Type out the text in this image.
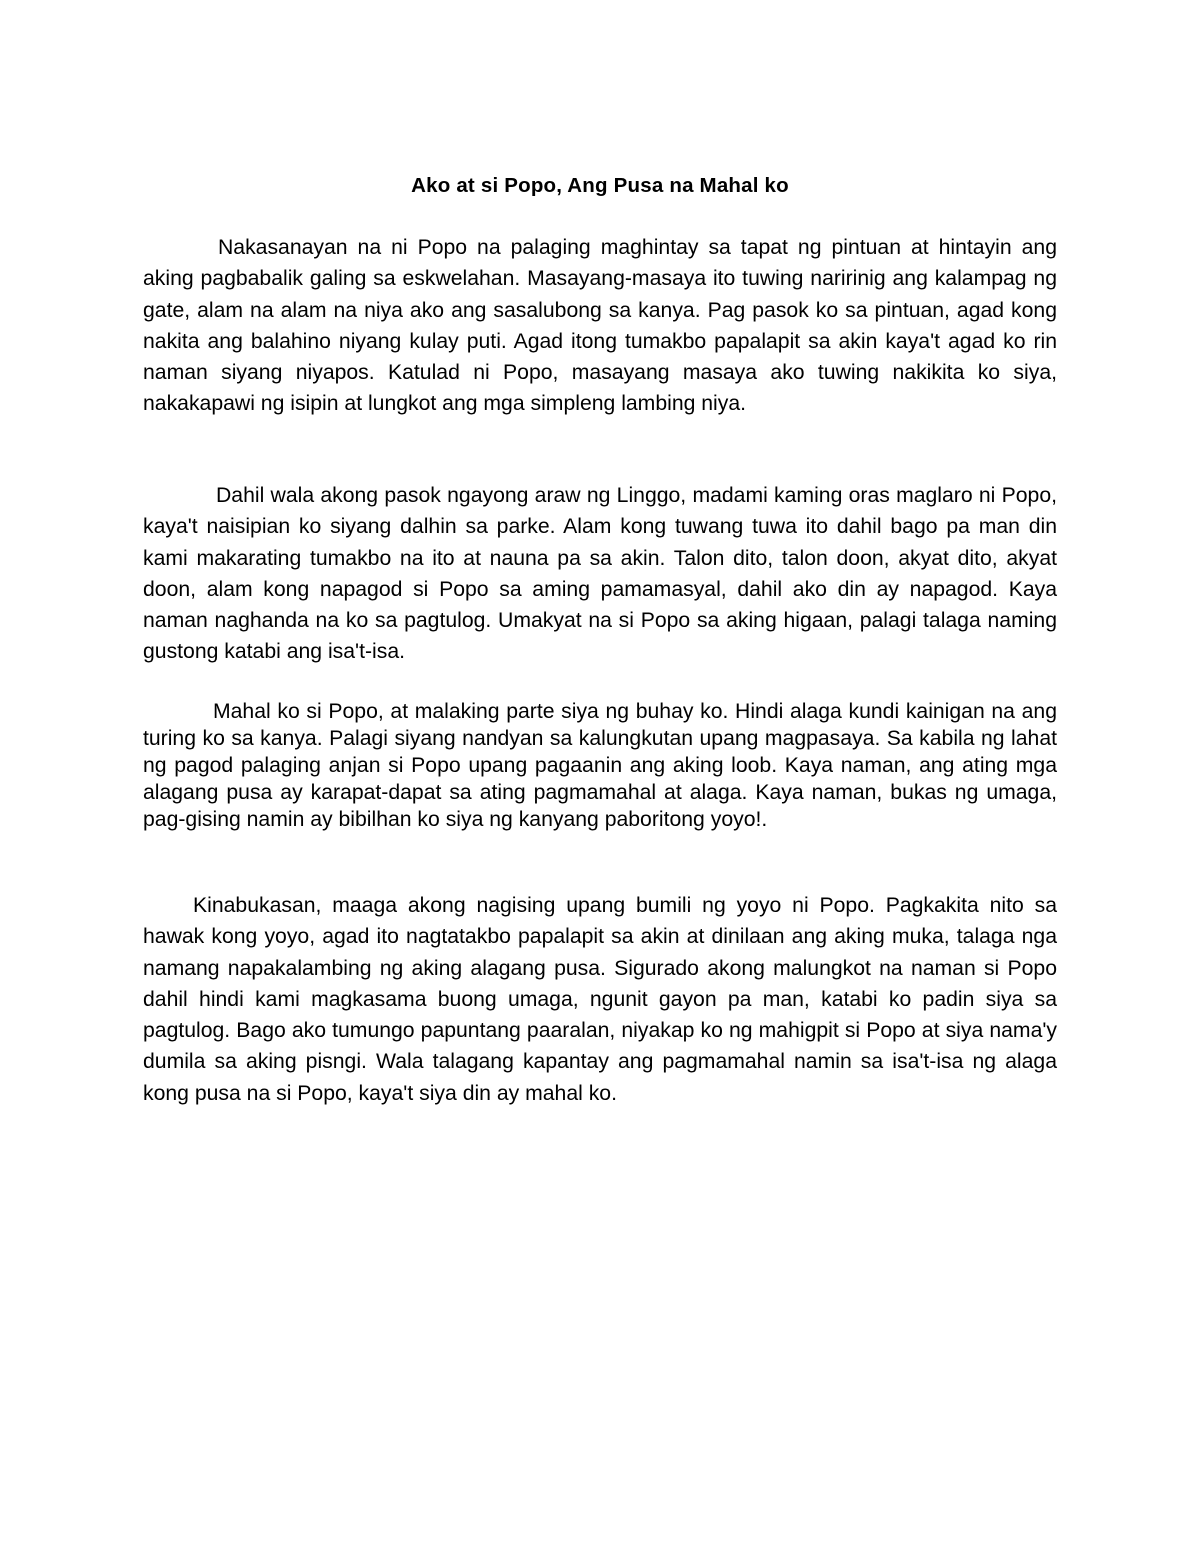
Ako at si Popo, Ang Pusa na Mahal ko

Nakasanayan na ni Popo na palaging maghintay sa tapat ng pintuan at hintayin ang aking pagbabalik galing sa eskwelahan. Masayang-masaya ito tuwing naririnig ang kalampag ng gate, alam na alam na niya ako ang sasalubong sa kanya. Pag pasok ko sa pintuan, agad kong nakita ang balahino niyang kulay puti. Agad itong tumakbo papalapit sa akin kaya't agad ko rin naman siyang niyapos. Katulad ni Popo, masayang masaya ako tuwing nakikita ko siya, nakakapawi ng isipin at lungkot ang mga simpleng lambing niya.

Dahil wala akong pasok ngayong araw ng Linggo, madami kaming oras maglaro ni Popo, kaya't naisipian ko siyang dalhin sa parke. Alam kong tuwang tuwa ito dahil bago pa man din kami makarating tumakbo na ito at nauna pa sa akin. Talon dito, talon doon, akyat dito, akyat doon, alam kong napagod si Popo sa aming pamamasyal, dahil ako din ay napagod. Kaya naman naghanda na ko sa pagtulog. Umakyat na si Popo sa aking higaan, palagi talaga naming gustong katabi ang isa't-isa.

Mahal ko si Popo, at malaking parte siya ng buhay ko. Hindi alaga kundi kainigan na ang turing ko sa kanya. Palagi siyang nandyan sa kalungkutan upang magpasaya. Sa kabila ng lahat ng pagod palaging anjan si Popo upang pagaanin ang aking loob. Kaya naman, ang ating mga alagang pusa ay karapat-dapat sa ating pagmamahal at alaga. Kaya naman, bukas ng umaga, pag-gising namin ay bibilhan ko siya ng kanyang paboritong yoyo!.

Kinabukasan, maaga akong nagising upang bumili ng yoyo ni Popo. Pagkakita nito sa hawak kong yoyo, agad ito nagtatakbo papalapit sa akin at dinilaan ang aking muka, talaga nga namang napakalambing ng aking alagang pusa. Sigurado akong malungkot na naman si Popo dahil hindi kami magkasama buong umaga, ngunit gayon pa man, katabi ko padin siya sa pagtulog. Bago ako tumungo papuntang paaralan, niyakap ko ng mahigpit si Popo at siya nama'y dumila sa aking pisngi. Wala talagang kapantay ang pagmamahal namin sa isa't-isa ng alaga kong pusa na si Popo, kaya't siya din ay mahal ko.
